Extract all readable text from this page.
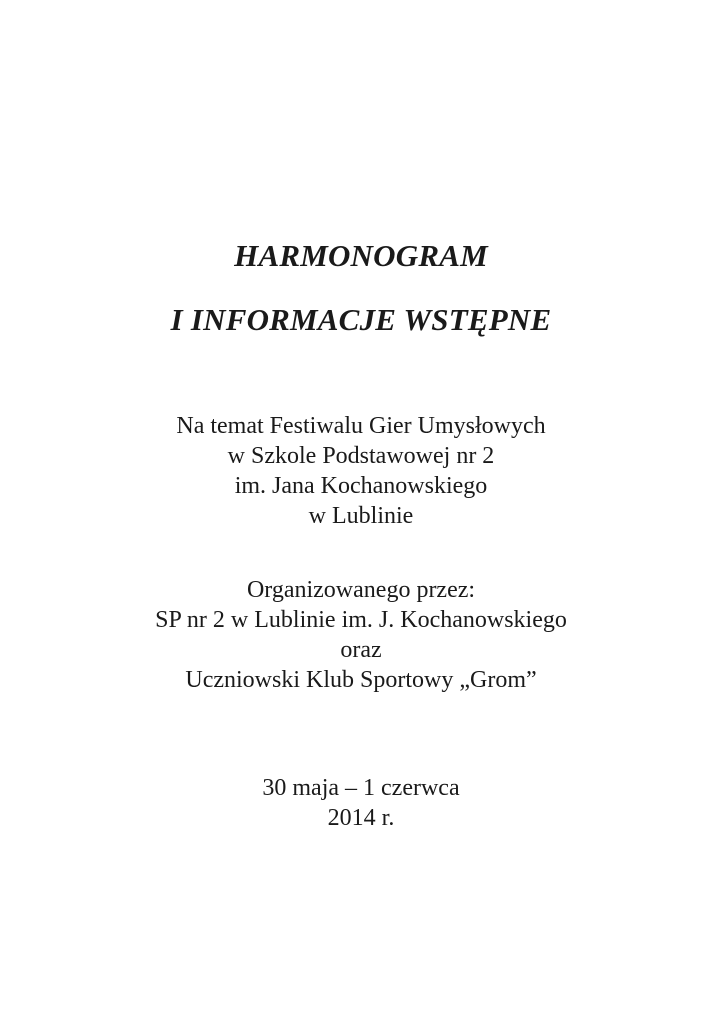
HARMONOGRAM
I INFORMACJE WSTĘPNE
Na temat Festiwalu Gier Umysłowych
w Szkole Podstawowej nr 2
im. Jana Kochanowskiego
w Lublinie
Organizowanego przez:
SP nr 2 w Lublinie im. J. Kochanowskiego
oraz
Uczniowski Klub Sportowy „Grom”
30 maja – 1 czerwca
2014 r.
